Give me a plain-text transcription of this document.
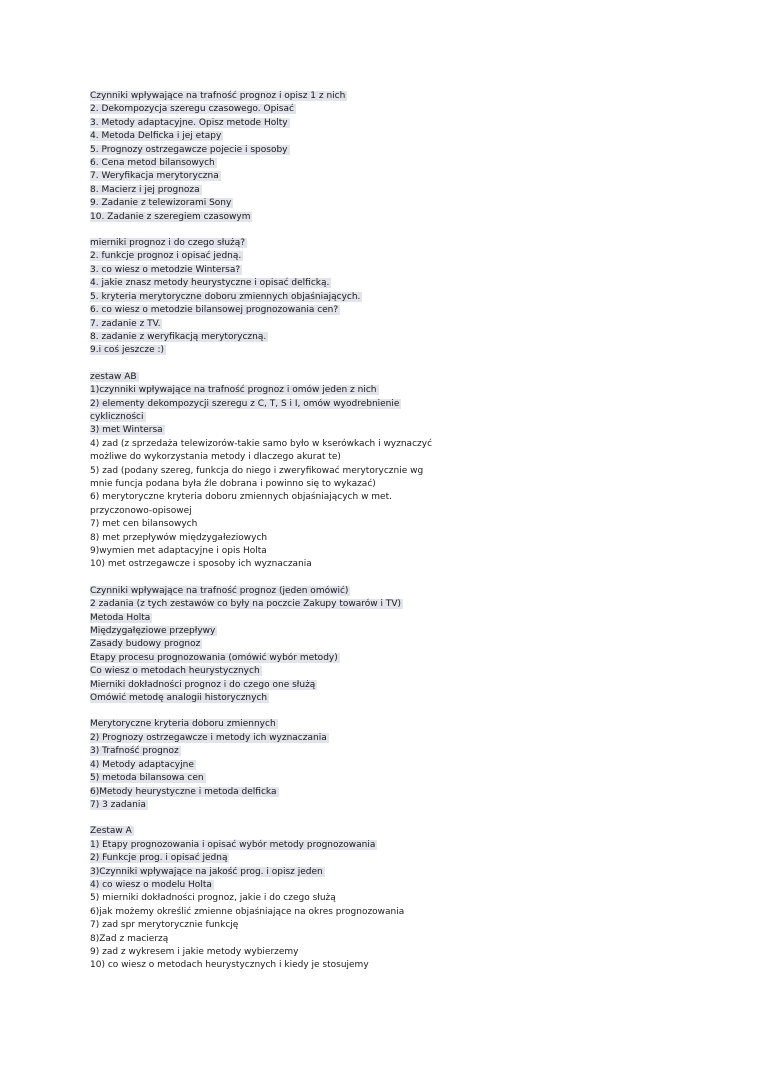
Czynniki wpływające na trafność prognoz i opisz 1 z nich
2. Dekompozycja szeregu czasowego. Opisać
3. Metody adaptacyjne. Opisz metode Holty
4. Metoda Delficka i jej etapy
5. Prognozy ostrzegawcze pojecie i sposoby
6. Cena metod bilansowych
7. Weryfikacja merytoryczna
8. Macierz i jej prognoza
9. Zadanie z telewizorami Sony
10. Zadanie z szeregiem czasowym
mierniki prognoz i do czego służą?
2. funkcje prognoz i opisać jedną.
3. co wiesz o metodzie Wintersa?
4. jakie znasz metody heurystyczne i opisać delficką.
5. kryteria merytoryczne doboru zmiennych objaśniających.
6. co wiesz o metodzie bilansowej prognozowania cen?
7. zadanie z TV.
8. zadanie z weryfikacją merytoryczną.
9.i coś jeszcze :)
zestaw AB
1)czynniki wpływające na trafność prognoz i omów jeden z nich
2) elementy dekompozycji szeregu z C, T, S i I, omów wyodrebnienie
cykliczności
3) met Wintersa
4) zad (z sprzedaża telewizorów-takie samo było w kserówkach i wyznaczyć
możliwe do wykorzystania metody i dlaczego akurat te)
5) zad (podany szereg, funkcja do niego i zweryfikować merytorycznie wg
mnie funcja podana była źle dobrana i powinno się to wykazać)
6) merytoryczne kryteria doboru zmiennych objaśniających w met.
przyczonowo-opisowej
7) met cen bilansowych
8) met przepływów międzygałeziowych
9)wymien met adaptacyjne i opis Holta
10) met ostrzegawcze i sposoby ich wyznaczania
Czynniki wpływające na trafność prognoz (jeden omówić)
2 zadania (z tych zestawów co były na poczcie Zakupy towarów i TV)
Metoda Holta
Międzygałęziowe przepływy
Zasady budowy prognoz
Etapy procesu prognozowania (omówić wybór metody)
Co wiesz o metodach heurystycznych
Mierniki dokładności prognoz i do czego one służą
Omówić metodę analogii historycznych
Merytoryczne kryteria doboru zmiennych
2) Prognozy ostrzegawcze i metody ich wyznaczania
3) Trafność prognoz
4) Metody adaptacyjne
5) metoda bilansowa cen
6)Metody heurystyczne i metoda delficka
7) 3 zadania
Zestaw A
1) Etapy prognozowania i opisać wybór metody prognozowania
2) Funkcje prog. i opisać jedną
3)Czynniki wpływające na jakość prog. i opisz jeden
4) co wiesz o modelu Holta
5) mierniki dokładności prognoz, jakie i do czego służą
6)jak możemy określić zmienne objaśniające na okres prognozowania
7) zad spr merytorycznie funkcję
8)Zad z macierzą
9) zad z wykresem i jakie metody wybierzemy
10) co wiesz o metodach heurystycznych i kiedy je stosujemy
